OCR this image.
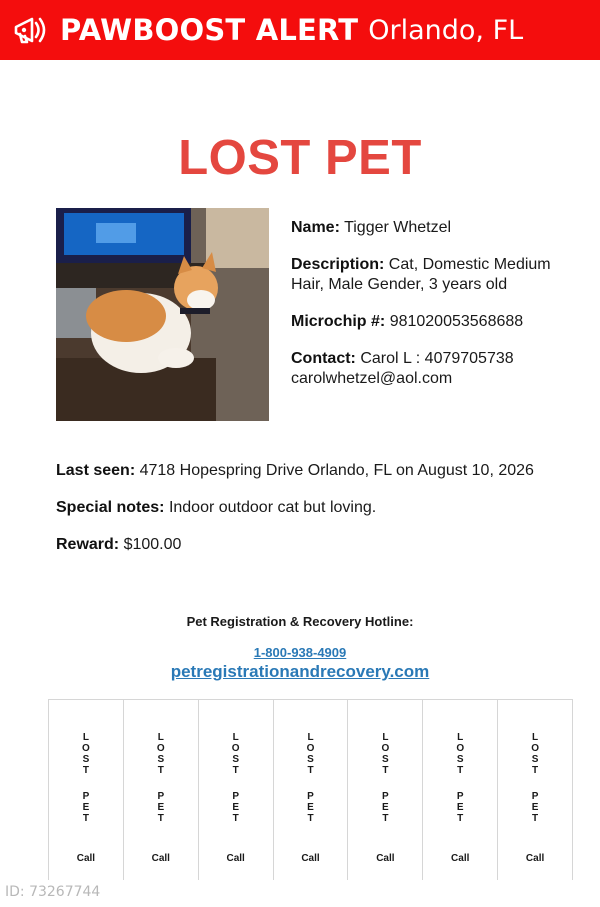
PAWBOOST ALERT Orlando, FL
LOST PET

Name: Tigger Whetzel

Description: Cat, Domestic Medium Hair, Male Gender, 3 years old

Microchip #: 981020053568688

Contact: Carol L : 4079705738
carolwhetzel@aol.com

Last seen: 4718 Hopespring Drive Orlando, FL on August 10, 2026

Special notes: Indoor outdoor cat but loving.

Reward: $100.00

Pet Registration & Recovery Hotline:
1-800-938-4909
petregistrationandrecovery.com
L
O
S
T
P
E
T
Call
L
O
S
T
P
E
T
Call
L
O
S
T
P
E
T
Call
L
O
S
T
P
E
T
Call
L
O
S
T
P
E
T
Call
L
O
S
T
P
E
T
Call
L
O
S
T
P
E
T
Call
ID: 73267744
